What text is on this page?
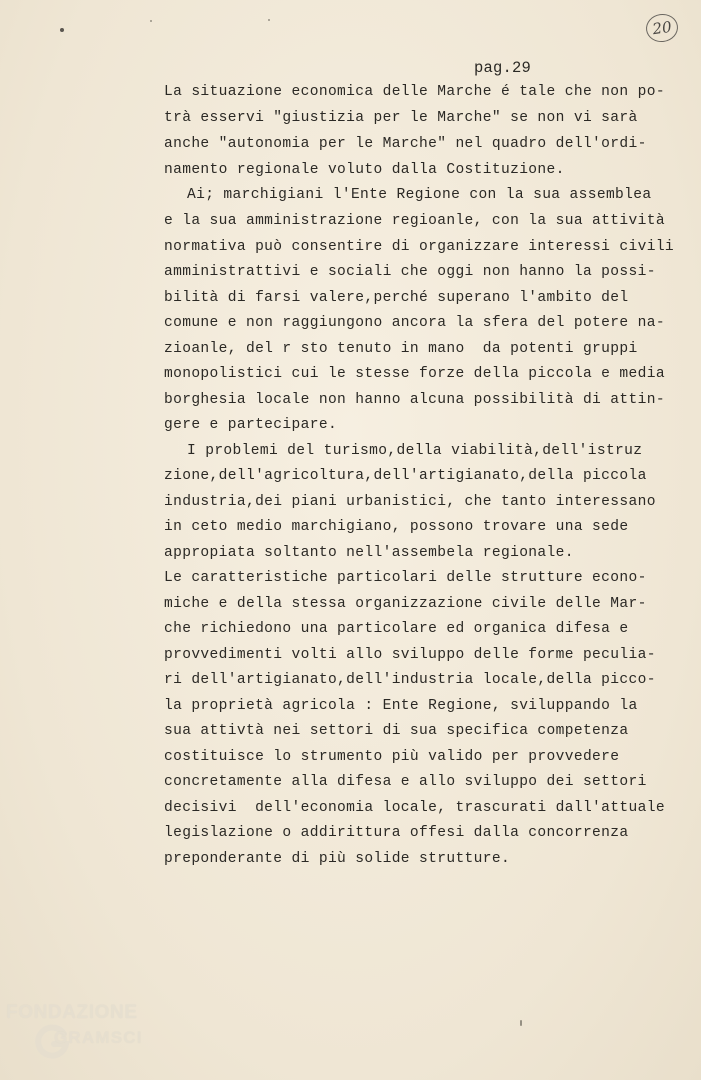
20
pag.29
La situazione economica delle Marche é tale che non po-
trà esservi "giustizia per le Marche" se non vi sarà
anche "autonomia per le Marche" nel quadro dell'ordi-
namento regionale voluto dalla Costituzione.
Ai; marchigiani l'Ente Regione con la sua assemblea
e la sua amministrazione regioanle, con la sua attività
normativa può consentire di organizzare interessi civili
amministrattivi e sociali che oggi non hanno la possi-
bilità di farsi valere,perché superano l'ambito del
comune e non raggiungono ancora la sfera del potere na-
zioanle, del r sto tenuto in mano  da potenti gruppi
monopolistici cui le stesse forze della piccola e media
borghesia locale non hanno alcuna possibilità di attin-
gere e partecipare.
I problemi del turismo,della viabilità,dell'istruz
zione,dell'agricoltura,dell'artigianato,della piccola
industria,dei piani urbanistici, che tanto interessano
in ceto medio marchigiano, possono trovare una sede
appropiata soltanto nell'assembela regionale.
Le caratteristiche particolari delle strutture econo-
miche e della stessa organizzazione civile delle Mar-
che richiedono una particolare ed organica difesa e
provvedimenti volti allo sviluppo delle forme peculia-
ri dell'artigianato,dell'industria locale,della picco-
la proprietà agricola : Ente Regione, sviluppando la
sua attivtà nei settori di sua specifica competenza
costituisce lo strumento più valido per provvedere
concretamente alla difesa e allo sviluppo dei settori
decisivi  dell'economia locale, trascurati dall'attuale
legislazione o addirittura offesi dalla concorrenza
preponderante di più solide strutture.
FONDAZIONE
GRAMSCI
